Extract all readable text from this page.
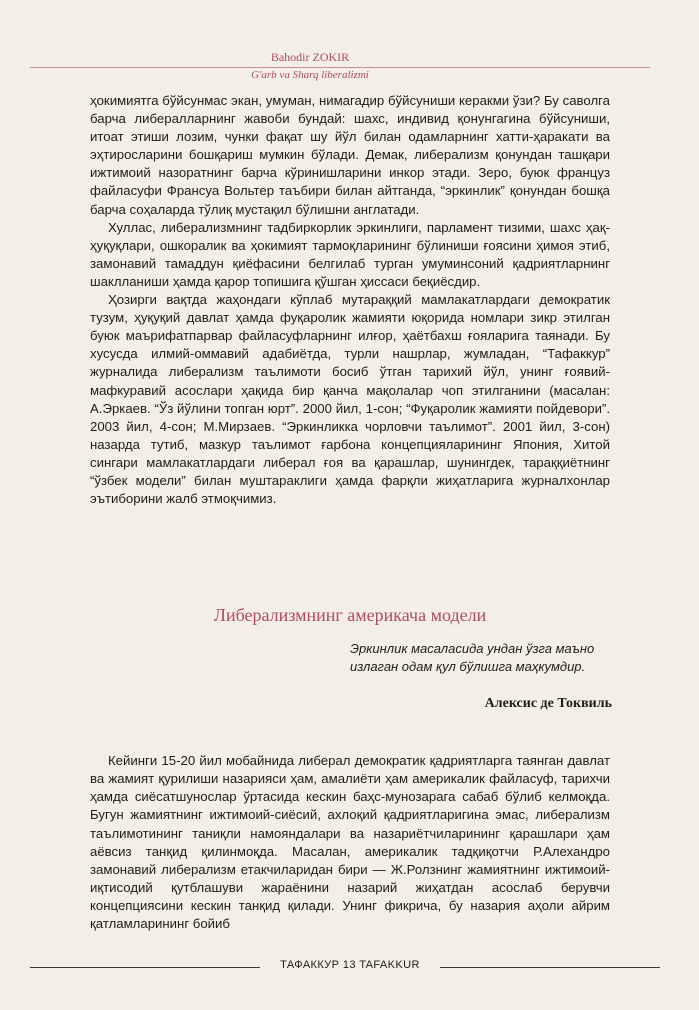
Bahodir ZOKIR
G'arb va Sharq liberalizmi

ҳокимиятга бўйсунмас экан, умуман, нимагадир бўйсуниши керакми ўзи? Бу саволга барча либералларнинг жавоби бундай: шахс, индивид қонунгагина бўйсуниши, итоат этиши лозим, чунки фақат шу йўл билан одамларнинг хатти-ҳаракати ва эҳтиросларини бошқариш мумкин бўлади. Демак, либерализм қонундан ташқари ижтимоий назоратнинг барча кўринишларини инкор этади. Зеро, буюк француз файласуфи Франсуа Вольтер таъбири билан айтганда, “эркинлик” қонундан бошқа барча соҳаларда тўлиқ мустақил бўлишни англатади.

Хуллас, либерализмнинг тадбиркорлик эркинлиги, парламент тизими, шахс ҳақ-ҳуқуқлари, ошкоралик ва ҳокимият тармоқларининг бўлиниши ғоясини ҳимоя этиб, замонавий тамаддун қиёфасини белгилаб турган умуминсоний қадриятларнинг шаклланиши ҳамда қарор топишига қўшган ҳиссаси беқиёсдир.

Ҳозирги вақтда жаҳондаги кўплаб мутараққий мамлакатлардаги демократик тузум, ҳуқуқий давлат ҳамда фуқаролик жамияти юқорида номлари зикр этилган буюк маърифатпарвар файласуфларнинг илғор, ҳаётбахш ғояларига таянади. Бу хусусда илмий-оммавий адабиётда, турли нашрлар, жумладан, “Тафаккур” журналида либерализм таълимоти босиб ўтган тарихий йўл, унинг ғоявий-мафкуравий асослари ҳақида бир қанча мақолалар чоп этилганини (масалан: А.Эркаев. “Ўз йўлини топган юрт”. 2000 йил, 1-сон; “Фуқаролик жамияти пойдевори”. 2003 йил, 4-сон; М.Мирзаев. “Эркинликка чорловчи таълимот”. 2001 йил, 3-сон) назарда тутиб, мазкур таълимот ғарбона концепцияларининг Япония, Хитой сингари мамлакатлардаги либерал ғоя ва қарашлар, шунингдек, тараққиётнинг “ўзбек модели” билан муштараклиги ҳамда фарқли жиҳатларига журналхонлар эътиборини жалб этмоқчимиз.

Либерализмнинг америкача модели
Эркинлик масаласида ундан ўзга маъно излаган одам қул бўлишга маҳкумдир.
Алексис де Токвиль

Кейинги 15-20 йил мобайнида либерал демократик қадриятларга таянган давлат ва жамият қурилиши назарияси ҳам, амалиёти ҳам америкалик файласуф, тарихчи ҳамда сиёсатшунослар ўртасида кескин баҳс-мунозарага сабаб бўлиб келмоқда. Бугун жамиятнинг ижтимоий-сиёсий, ахлоқий қадриятларигина эмас, либерализм таълимотининг таниқли намояндалари ва назариётчиларининг қарашлари ҳам аёвсиз танқид қилинмоқда. Масалан, америкалик тадқиқотчи Р.Алехандро замонавий либерализм етакчиларидан бири — Ж.Ролзнинг жамиятнинг ижтимоий-иқтисодий қутблашуви жараёнини назарий жиҳатдан асослаб берувчи концепциясини кескин танқид қилади. Унинг фикрича, бу назария аҳоли айрим қатламларининг бойиб

ТАФАККУР 13 TAFAKKUR
